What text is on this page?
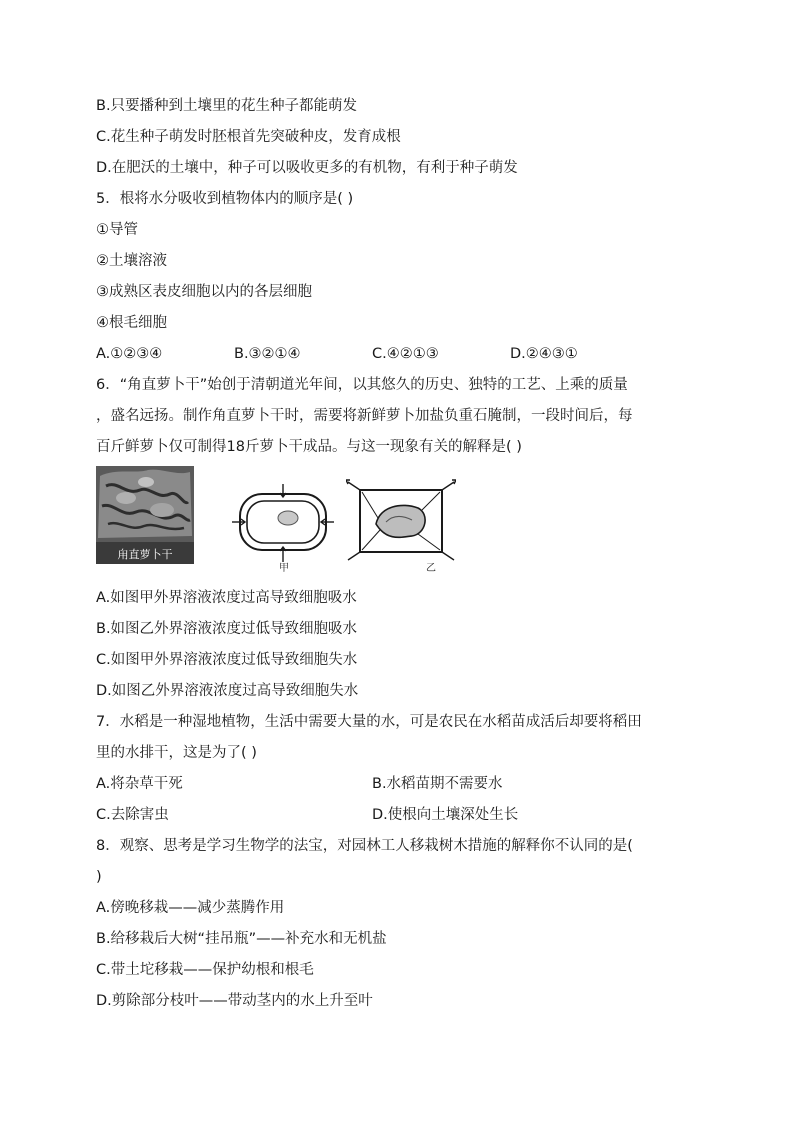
B.只要播种到土壤里的花生种子都能萌发
C.花生种子萌发时胚根首先突破种皮，发育成根
D.在肥沃的土壤中，种子可以吸收更多的有机物，有利于种子萌发
5．根将水分吸收到植物体内的顺序是( )
①导管
②土壤溶液
③成熟区表皮细胞以内的各层细胞
④根毛细胞
A.①②③④	B.③②①④	C.④②①③	D.②④③①
6．“角直萝卜干”始创于清朝道光年间，以其悠久的历史、独特的工艺、上乘的质量
，盛名远扬。制作角直萝卜干时，需要将新鲜萝卜加盐负重石腌制，一段时间后，每
百斤鲜萝卜仅可制得18斤萝卜干成品。与这一现象有关的解释是( )
甪直萝卜干
甲	乙
A.如图甲外界溶液浓度过高导致细胞吸水
B.如图乙外界溶液浓度过低导致细胞吸水
C.如图甲外界溶液浓度过低导致细胞失水
D.如图乙外界溶液浓度过高导致细胞失水
7．水稻是一种湿地植物，生活中需要大量的水，可是农民在水稻苗成活后却要将稻田
里的水排干，这是为了( )
A.将杂草干死	B.水稻苗期不需要水
C.去除害虫	D.使根向土壤深处生长
8．观察、思考是学习生物学的法宝，对园林工人移栽树木措施的解释你不认同的是(
)
A.傍晚移栽——减少蒸腾作用
B.给移栽后大树“挂吊瓶”——补充水和无机盐
C.带土坨移栽——保护幼根和根毛
D.剪除部分枝叶——带动茎内的水上升至叶
